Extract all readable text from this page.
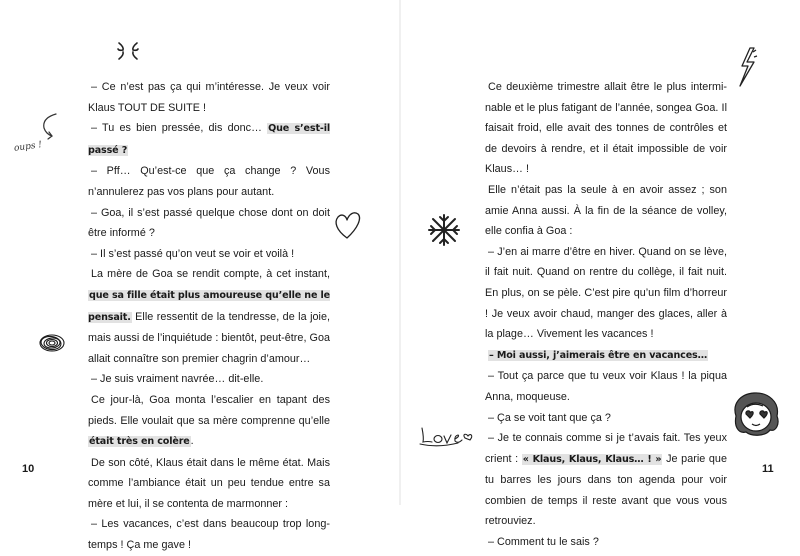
– Ce n’est pas ça qui m’intéresse. Je veux voir Klaus TOUT DE SUITE !

– Tu es bien pressée, dis donc… Que s’est-il passé ?

– Pff… Qu’est-ce que ça change ? Vous n’annulerez pas vos plans pour autant.

– Goa, il s’est passé quelque chose dont on doit être informé ?

– Il s’est passé qu’on veut se voir et voilà !

La mère de Goa se rendit compte, à cet instant, que sa fille était plus amoureuse qu’elle ne le pensait. Elle ressentit de la tendresse, de la joie, mais aussi de l’inquiétude : bientôt, peut-être, Goa allait connaître son premier chagrin d’amour…

– Je suis vraiment navrée… dit-elle.

Ce jour-là, Goa monta l’escalier en tapant des pieds. Elle voulait que sa mère comprenne qu’elle était très en colère.

De son côté, Klaus était dans le même état. Mais comme l’ambiance était un peu tendue entre sa mère et lui, il se contenta de marmonner :

– Les vacances, c’est dans beaucoup trop long-temps ! Ça me gave !

10

Ce deuxième trimestre allait être le plus intermi-nable et le plus fatigant de l’année, songea Goa. Il faisait froid, elle avait des tonnes de contrôles et de devoirs à rendre, et il était impossible de voir Klaus… !

Elle n’était pas la seule à en avoir assez ; son amie Anna aussi. À la fin de la séance de volley, elle confia à Goa :

– J’en ai marre d’être en hiver. Quand on se lève, il fait nuit. Quand on rentre du collège, il fait nuit. En plus, on se pèle. C’est pire qu’un film d’horreur ! Je veux avoir chaud, manger des glaces, aller à la plage… Vivement les vacances !

– Moi aussi, j’aimerais être en vacances…

– Tout ça parce que tu veux voir Klaus ! la piqua Anna, moqueuse.

– Ça se voit tant que ça ?

– Je te connais comme si je t’avais fait. Tes yeux crient : « Klaus, Klaus, Klaus… ! » Je parie que tu barres les jours dans ton agenda pour voir combien de temps il reste avant que vous vous retrouviez.

– Comment tu le sais ?

11
oups !
